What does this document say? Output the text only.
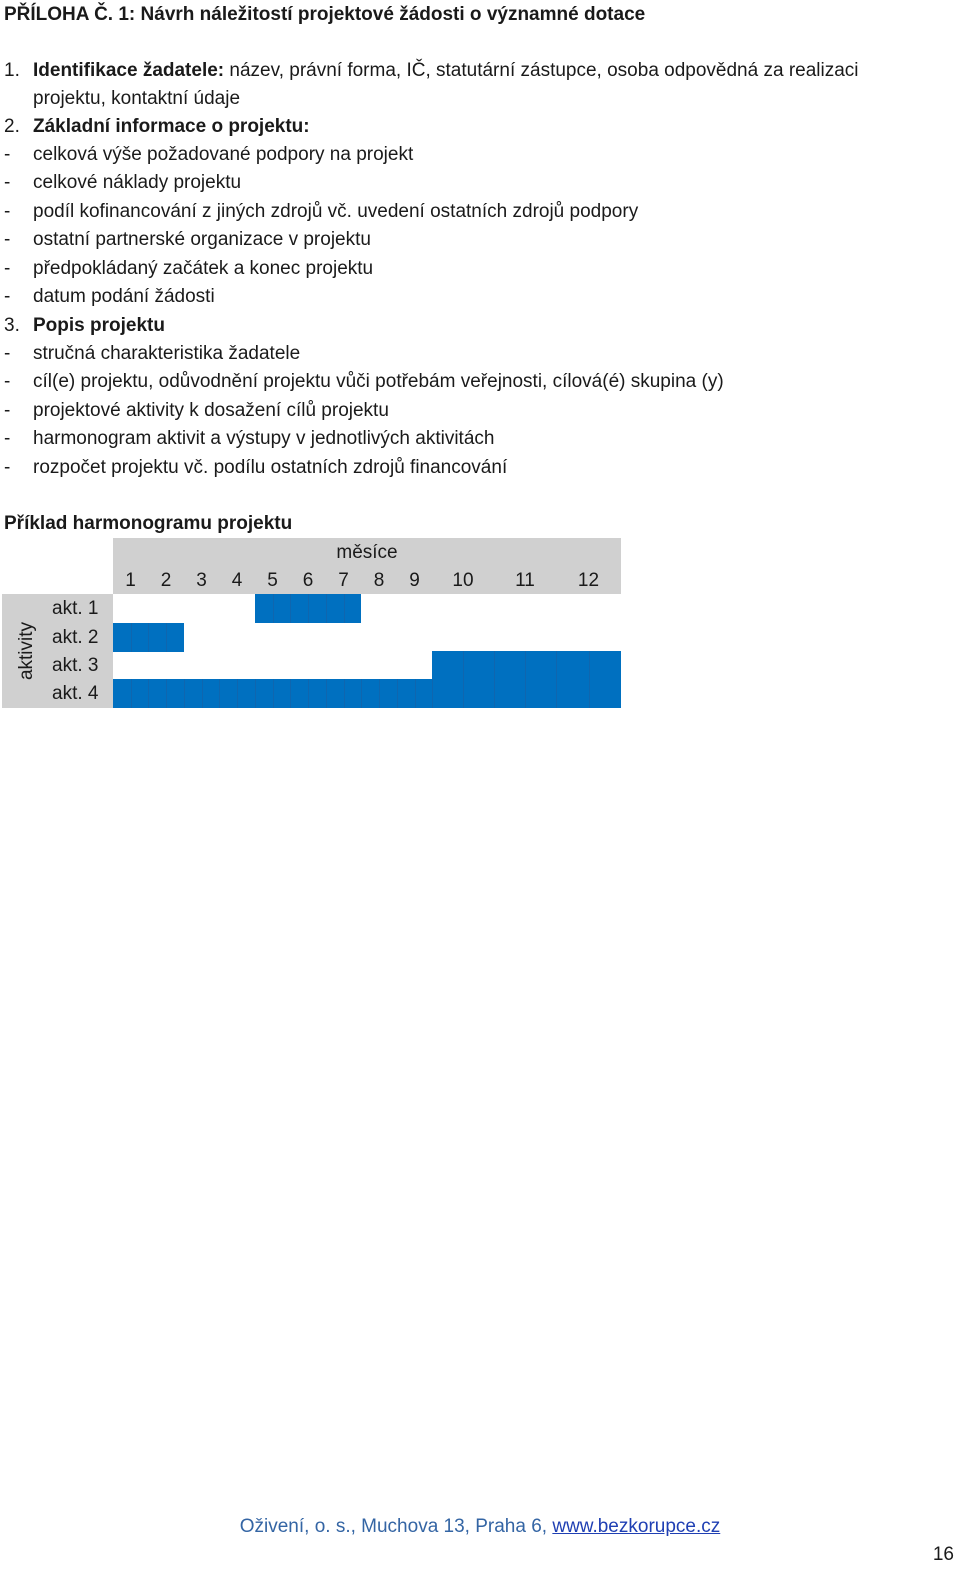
PŘÍLOHA Č. 1: Návrh náležitostí projektové žádosti o významné dotace
1. Identifikace žadatele: název, právní forma, IČ, statutární zástupce, osoba odpovědná za realizaci
projektu, kontaktní údaje
2. Základní informace o projektu:
- celková výše požadované podpory na projekt
- celkové náklady projektu
- podíl kofinancování z jiných zdrojů vč. uvedení ostatních zdrojů podpory
- ostatní partnerské organizace v projektu
- předpokládaný začátek a konec projektu
- datum podání žádosti
3. Popis projektu
- stručná charakteristika žadatele
- cíl(e) projektu, odůvodnění projektu vůči potřebám veřejnosti, cílová(é) skupina (y)
- projektové aktivity k dosažení cílů projektu
- harmonogram aktivit a výstupy v jednotlivých aktivitách
- rozpočet projektu vč. podílu ostatních zdrojů financování
Příklad harmonogramu projektu
měsíce
1	2	3	4	5	6	7	8	9	10	11	12
aktivity
akt. 1
akt. 2
akt. 3
akt. 4
Oživení, o. s., Muchova 13, Praha 6, www.bezkorupce.cz
16
